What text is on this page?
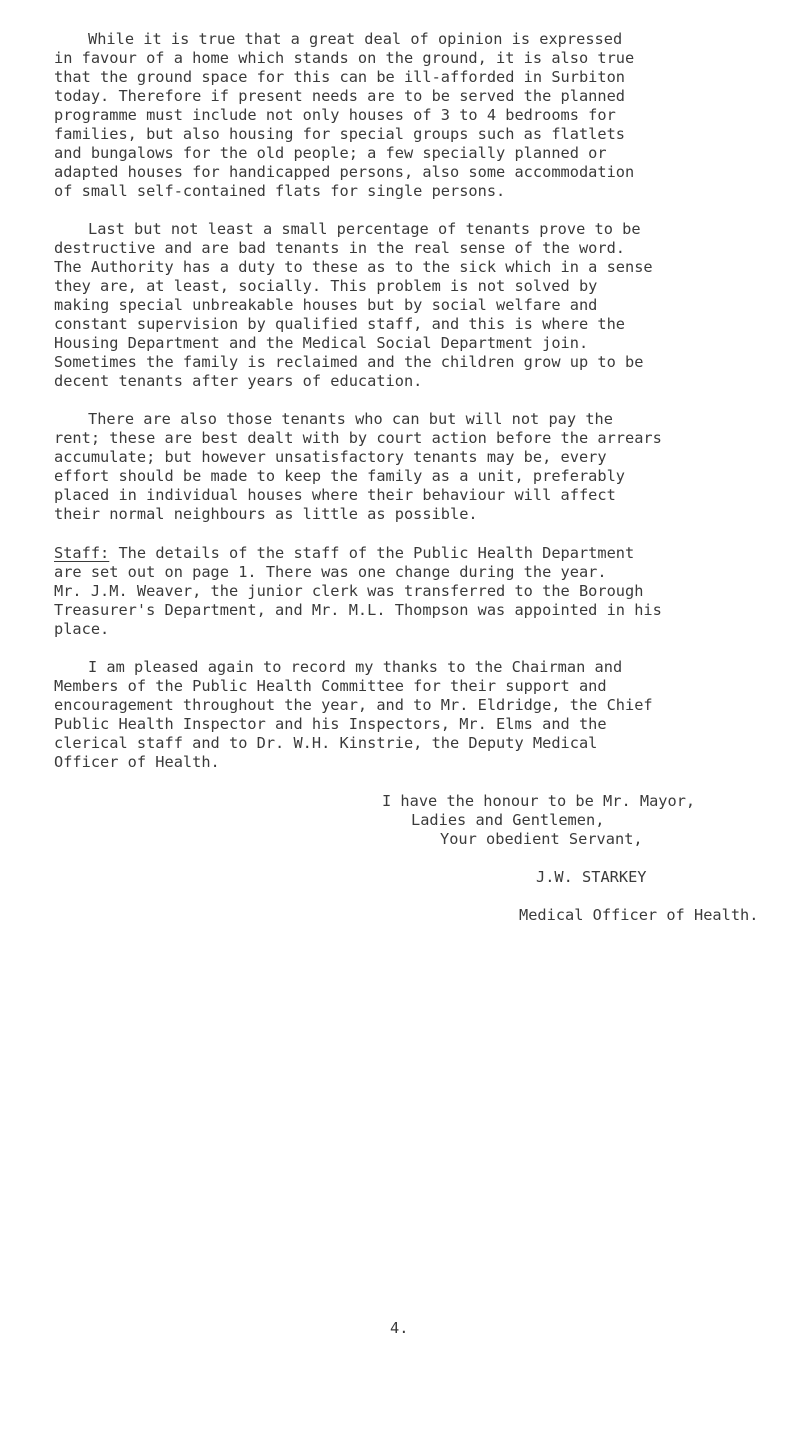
While it is true that a great deal of opinion is expressed
in favour of a home which stands on the ground, it is also true
that the ground space for this can be ill-afforded in Surbiton
today. Therefore if present needs are to be served the planned
programme must include not only houses of 3 to 4 bedrooms for
families, but also housing for special groups such as flatlets
and bungalows for the old people; a few specially planned or
adapted houses for handicapped persons, also some accommodation
of small self-contained flats for single persons.
Last but not least a small percentage of tenants prove to be
destructive and are bad tenants in the real sense of the word.
The Authority has a duty to these as to the sick which in a sense
they are, at least, socially. This problem is not solved by
making special unbreakable houses but by social welfare and
constant supervision by qualified staff, and this is where the
Housing Department and the Medical Social Department join.
Sometimes the family is reclaimed and the children grow up to be
decent tenants after years of education.
There are also those tenants who can but will not pay the
rent; these are best dealt with by court action before the arrears
accumulate; but however unsatisfactory tenants may be, every
effort should be made to keep the family as a unit, preferably
placed in individual houses where their behaviour will affect
their normal neighbours as little as possible.
Staff: The details of the staff of the Public Health Department
are set out on page 1. There was one change during the year.
Mr. J.M. Weaver, the junior clerk was transferred to the Borough
Treasurer's Department, and Mr. M.L. Thompson was appointed in his
place.
I am pleased again to record my thanks to the Chairman and
Members of the Public Health Committee for their support and
encouragement throughout the year, and to Mr. Eldridge, the Chief
Public Health Inspector and his Inspectors, Mr. Elms and the
clerical staff and to Dr. W.H. Kinstrie, the Deputy Medical
Officer of Health.
I have the honour to be Mr. Mayor,
Ladies and Gentlemen,
Your obedient Servant,
J.W. STARKEY
Medical Officer of Health.
4.
